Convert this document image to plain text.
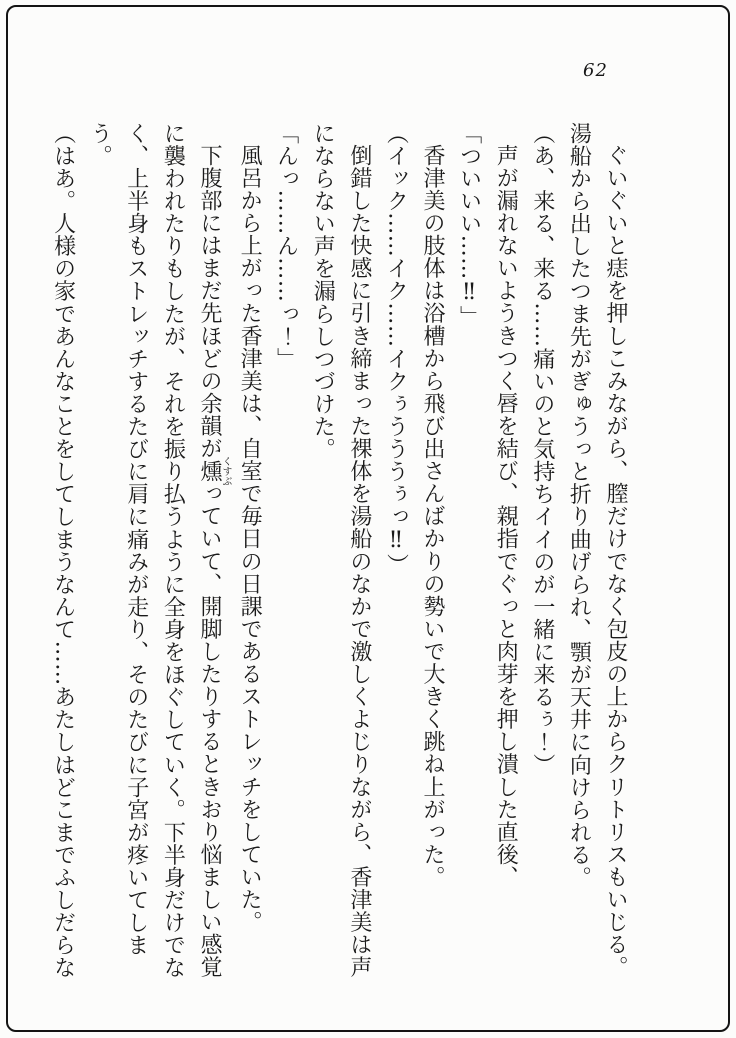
62

ぐいぐいと痣を押しこみながら、膣だけでなく包皮の上からクリトリスもいじる。湯船から出したつま先がぎゅうっと折り曲げられ、顎が天井に向けられる。

（あ、来る、来る……痛いのと気持ちイイのが一緒に来るぅ！）

声が漏れないようきつく唇を結び、親指でぐっと肉芽を押し潰した直後、

「ついいい……‼」

香津美の肢体は浴槽から飛び出さんばかりの勢いで大きく跳ね上がった。

（イック……イク……イクぅうううぅっ‼）

倒錯した快感に引き締まった裸体を湯船のなかで激しくよじりながら、香津美は声にならない声を漏らしつづけた。

「んっ……ん……っ！」

風呂から上がった香津美は、自室で毎日の日課であるストレッチをしていた。

下腹部にはまだ先ほどの余韻が燻くすぶっていて、開脚したりするときおり悩ましい感覚に襲われたりもしたが、それを振り払うように全身をほぐしていく。下半身だけでなく、上半身もストレッチするたびに肩に痛みが走り、そのたびに子宮が疼いてしまう。

（はあ。人様の家であんなことをしてしまうなんて……あたしはどこまでふしだらな
